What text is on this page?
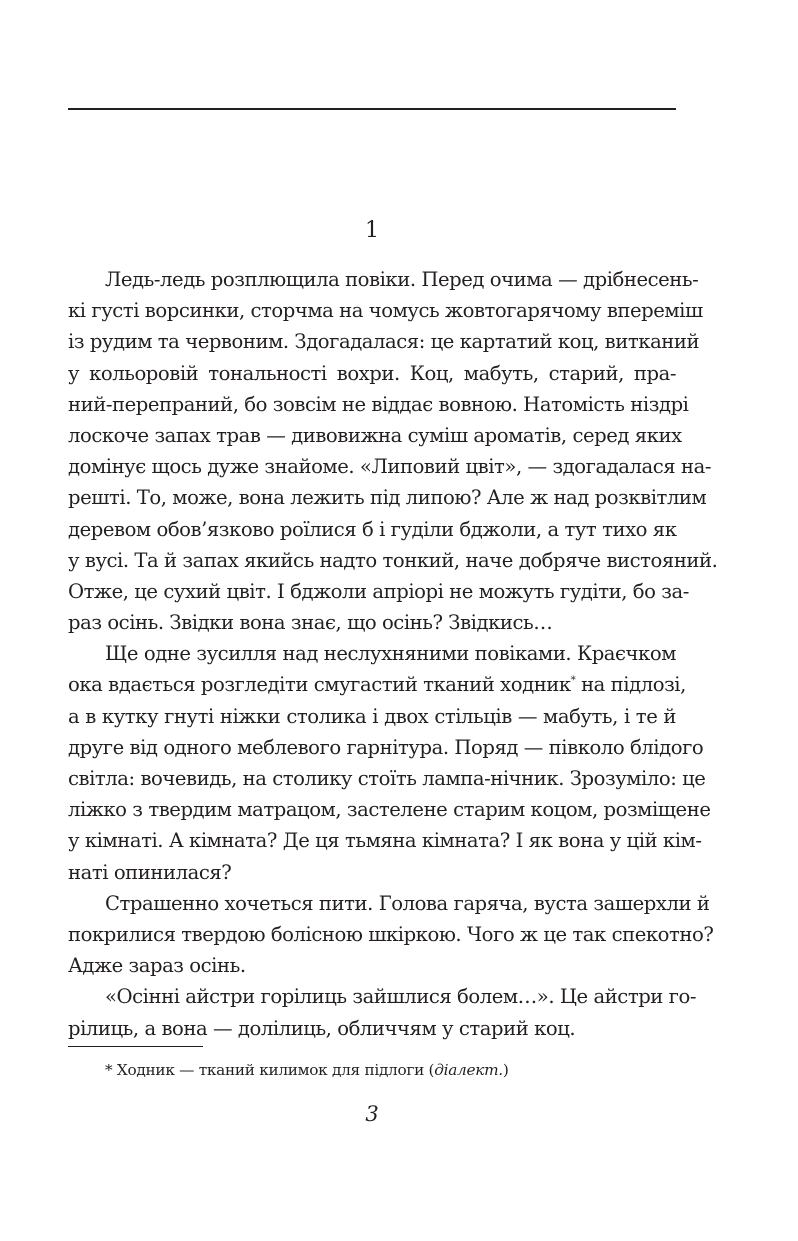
1
Ледь-ледь розплющила повіки. Перед очима — дрібнесень-
кі густі ворсинки, сторчма на чомусь жовтогарячому впереміш
із рудим та червоним. Здогадалася: це картатий коц, витканий
у кольоровій тональності вохри. Коц, мабуть, старий, пра-
ний-перепраний, бо зовсім не віддає вовною. Натомість ніздрі
лоскоче запах трав — дивовижна суміш ароматів, серед яких
домінує щось дуже знайоме. «Липовий цвіт», — здогадалася на-
решті. То, може, вона лежить під липою? Але ж над розквітлим
деревом обов’язково роїлися б і гуділи бджоли, а тут тихо як
у вусі. Та й запах якийсь надто тонкий, наче добряче вистояний.
Отже, це сухий цвіт. І бджоли апріорі не можуть гудіти, бо за-
раз осінь. Звідки вона знає, що осінь? Звідкись…
Ще одне зусилля над неслухняними повіками. Краєчком
ока вдається розгледіти смугастий тканий ходник* на підлозі,
а в кутку гнуті ніжки столика і двох стільців — мабуть, і те й
друге від одного меблевого гарнітура. Поряд — півколо блідого
світла: вочевидь, на столику стоїть лампа-нічник. Зрозуміло: це
ліжко з твердим матрацом, застелене старим коцом, розміщене
у кімнаті. А кімната? Де ця тьмяна кімната? І як вона у цій кім-
наті опинилася?
Страшенно хочеться пити. Голова гаряча, вуста зашерхли й
покрилися твердою болісною шкіркою. Чого ж це так спекотно?
Адже зараз осінь.
«Осінні айстри горілиць зайшлися болем…». Це айстри го-
рілиць, а вона — долілиць, обличчям у старий коц.
* Ходник — тканий килимок для підлоги (діалект.)
3
